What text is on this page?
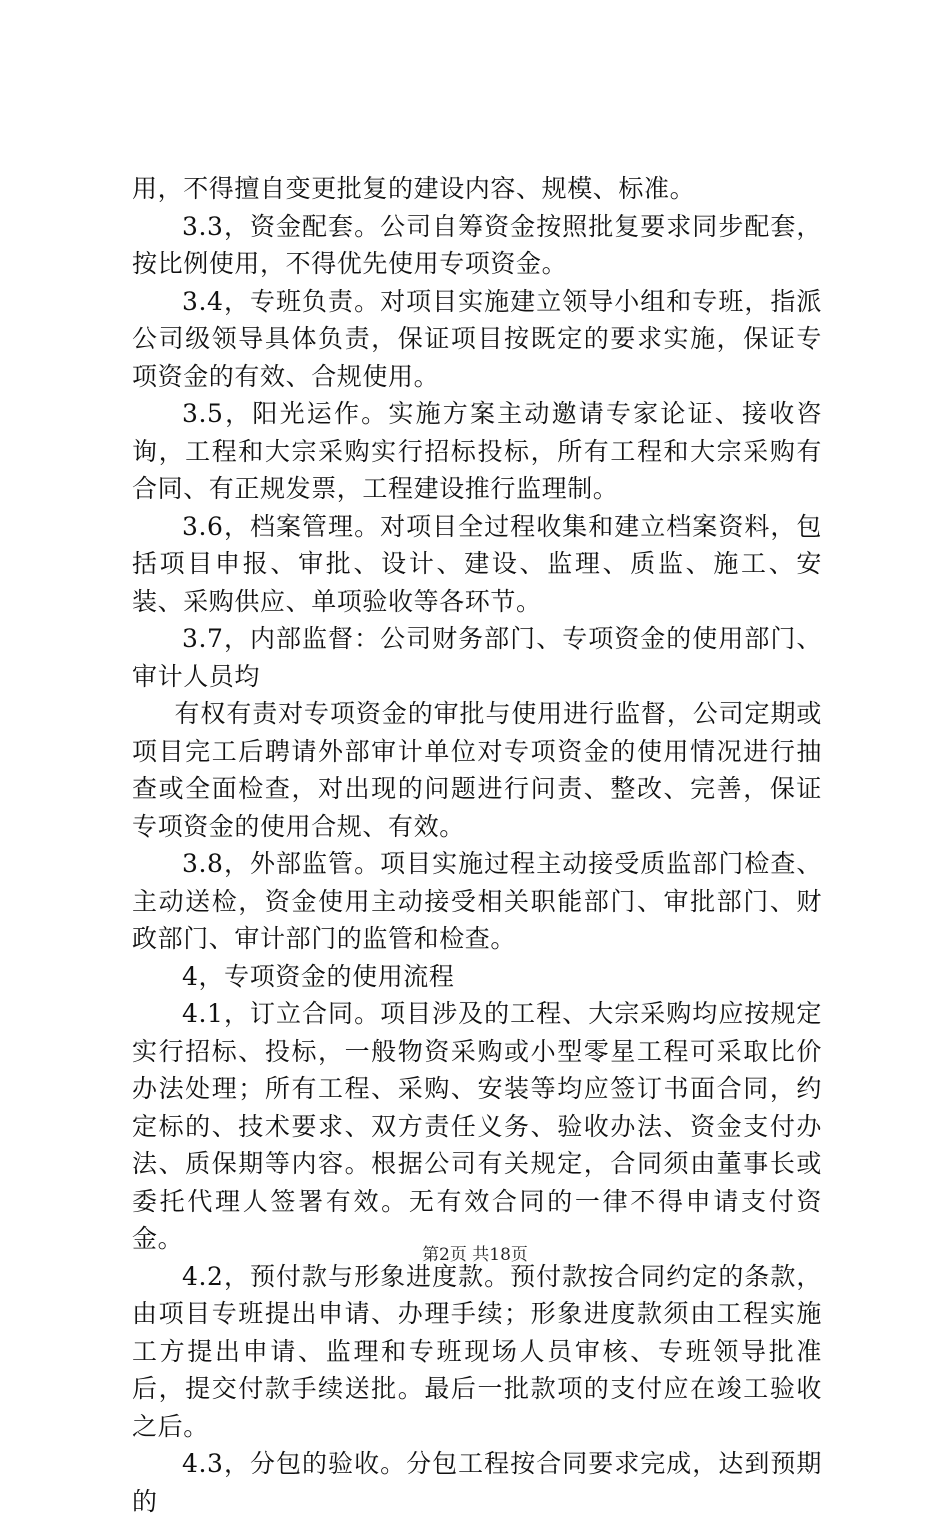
用，不得擅自变更批复的建设内容、规模、标准。

3.3，资金配套。公司自筹资金按照批复要求同步配套，按比例使用，不得优先使用专项资金。

3.4，专班负责。对项目实施建立领导小组和专班，指派公司级领导具体负责，保证项目按既定的要求实施，保证专项资金的有效、合规使用。

3.5，阳光运作。实施方案主动邀请专家论证、接收咨询，工程和大宗采购实行招标投标，所有工程和大宗采购有合同、有正规发票，工程建设推行监理制。

3.6，档案管理。对项目全过程收集和建立档案资料，包括项目申报、审批、设计、建设、监理、质监、施工、安装、采购供应、单项验收等各环节。

3.7，内部监督：公司财务部门、专项资金的使用部门、审计人员均

有权有责对专项资金的审批与使用进行监督，公司定期或项目完工后聘请外部审计单位对专项资金的使用情况进行抽查或全面检查，对出现的问题进行问责、整改、完善，保证专项资金的使用合规、有效。

3.8，外部监管。项目实施过程主动接受质监部门检查、主动送检，资金使用主动接受相关职能部门、审批部门、财政部门、审计部门的监管和检查。

4，专项资金的使用流程

4.1，订立合同。项目涉及的工程、大宗采购均应按规定实行招标、投标，一般物资采购或小型零星工程可采取比价办法处理；所有工程、采购、安装等均应签订书面合同，约定标的、技术要求、双方责任义务、验收办法、资金支付办法、质保期等内容。根据公司有关规定，合同须由董事长或委托代理人签署有效。无有效合同的一律不得申请支付资金。

4.2，预付款与形象进度款。预付款按合同约定的条款，由项目专班提出申请、办理手续；形象进度款须由工程实施工方提出申请、监理和专班现场人员审核、专班领导批准后，提交付款手续送批。最后一批款项的支付应在竣工验收之后。

4.3，分包的验收。分包工程按合同要求完成，达到预期的

第2页 共18页
